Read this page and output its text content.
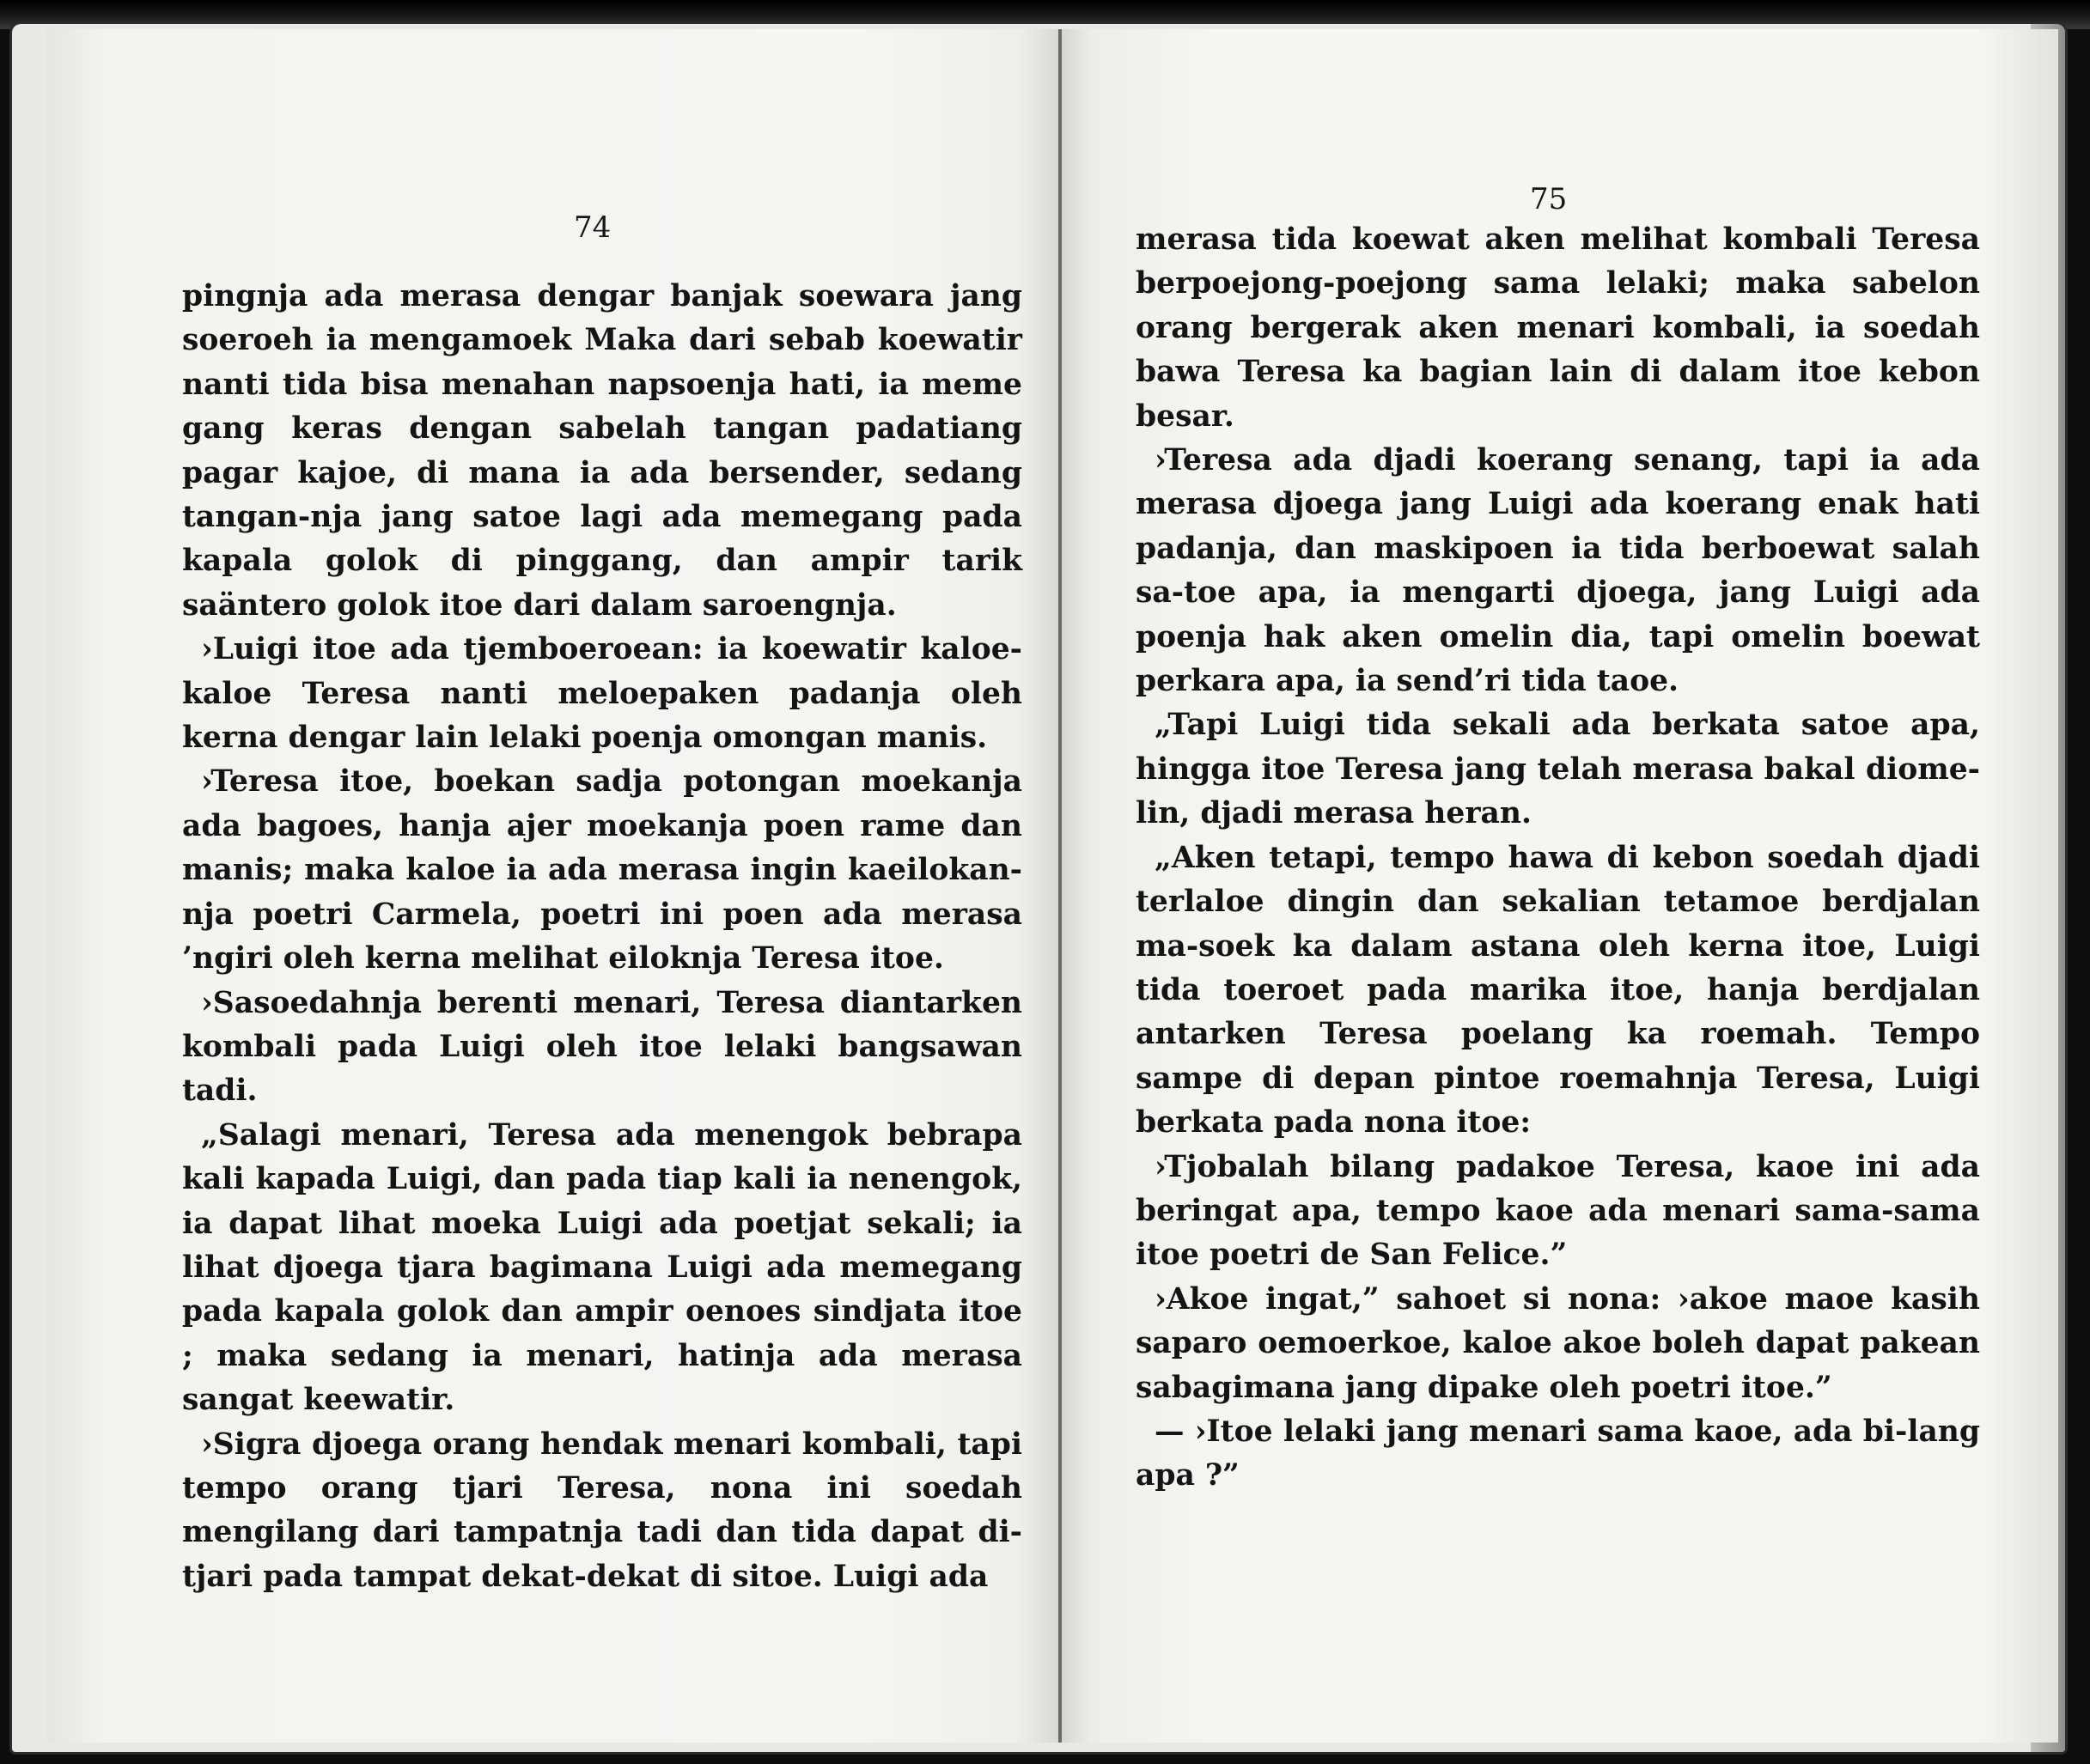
74

pingnja ada merasa dengar banjak soewara jang soeroeh ia mengamoek Maka dari sebab koewatir nanti tida bisa menahan napsoenja hati, ia meme gang keras dengan sabelah tangan padatiang pagar kajoe, di mana ia ada bersender, sedang tangan-nja jang satoe lagi ada memegang pada kapala golok di pinggang, dan ampir tarik saäntero golok itoe dari dalam saroengnja.

›Luigi itoe ada tjemboeroean: ia koewatir kaloe-kaloe Teresa nanti meloepaken padanja oleh kerna dengar lain lelaki poenja omongan manis.

›Teresa itoe, boekan sadja potongan moekanja ada bagoes, hanja ajer moekanja poen rame dan manis; maka kaloe ia ada merasa ingin kaeilokan-nja poetri Carmela, poetri ini poen ada merasa ’ngiri oleh kerna melihat eiloknja Teresa itoe.

›Sasoedahnja berenti menari, Teresa diantarken kombali pada Luigi oleh itoe lelaki bangsawan tadi.

„Salagi menari, Teresa ada menengok bebrapa kali kapada Luigi, dan pada tiap kali ia nenengok, ia dapat lihat moeka Luigi ada poetjat sekali; ia lihat djoega tjara bagimana Luigi ada memegang pada kapala golok dan ampir oenoes sindjata itoe ; maka sedang ia menari, hatinja ada merasa sangat keewatir.

›Sigra djoega orang hendak menari kombali, tapi tempo orang tjari Teresa, nona ini soedah mengilang dari tampatnja tadi dan tida dapat di-tjari pada tampat dekat-dekat di sitoe. Luigi ada

75

merasa tida koewat aken melihat kombali Teresa berpoejong-poejong sama lelaki; maka sabelon orang bergerak aken menari kombali, ia soedah bawa Teresa ka bagian lain di dalam itoe kebon besar.

›Teresa ada djadi koerang senang, tapi ia ada merasa djoega jang Luigi ada koerang enak hati padanja, dan maskipoen ia tida berboewat salah sa-toe apa, ia mengarti djoega, jang Luigi ada poenja hak aken omelin dia, tapi omelin boewat perkara apa, ia send’ri tida taoe.

„Tapi Luigi tida sekali ada berkata satoe apa, hingga itoe Teresa jang telah merasa bakal diome-lin, djadi merasa heran.

„Aken tetapi, tempo hawa di kebon soedah djadi terlaloe dingin dan sekalian tetamoe berdjalan ma-soek ka dalam astana oleh kerna itoe, Luigi tida toeroet pada marika itoe, hanja berdjalan antarken Teresa poelang ka roemah. Tempo sampe di depan pintoe roemahnja Teresa, Luigi berkata pada nona itoe:

›Tjobalah bilang padakoe Teresa, kaoe ini ada beringat apa, tempo kaoe ada menari sama-sama itoe poetri de San Felice.”

›Akoe ingat,” sahoet si nona: ›akoe maoe kasih saparo oemoerkoe, kaloe akoe boleh dapat pakean sabagimana jang dipake oleh poetri itoe.”

— ›Itoe lelaki jang menari sama kaoe, ada bi-lang apa ?”
